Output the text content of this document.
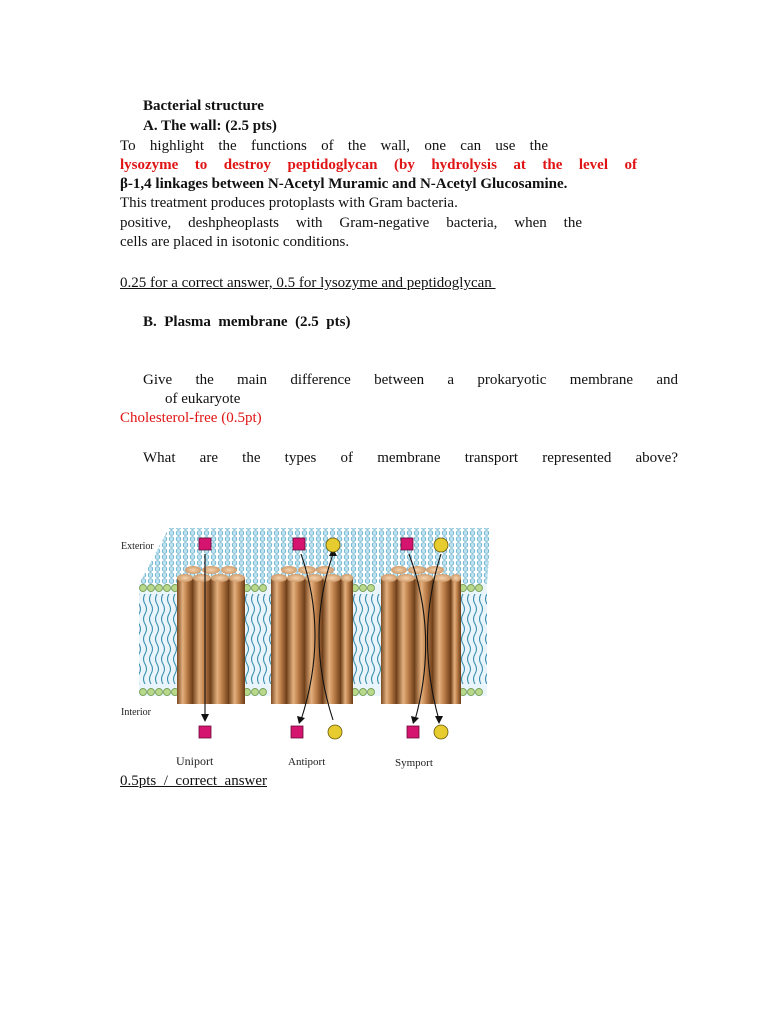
Bacterial structure
A. The wall: (2.5 pts)
To highlight the functions of the wall, one can use the
lysozyme to destroy peptidoglycan (by hydrolysis at the level of
β-1,4 linkages between N-Acetyl Muramic and N-Acetyl Glucosamine.
This treatment produces protoplasts with Gram bacteria.
positive, deshpheoplasts with Gram-negative bacteria, when the
cells are placed in isotonic conditions.
0.25 for a correct answer, 0.5 for lysozyme and peptidoglycan
B.  Plasma  membrane  (2.5  pts)
Give the main difference between a prokaryotic membrane and
of eukaryote
Cholesterol-free (0.5pt)
What are the types of membrane transport represented above?
Exterior
Interior
Uniport	Antiport	Symport
0.5pts  /  correct  answer
